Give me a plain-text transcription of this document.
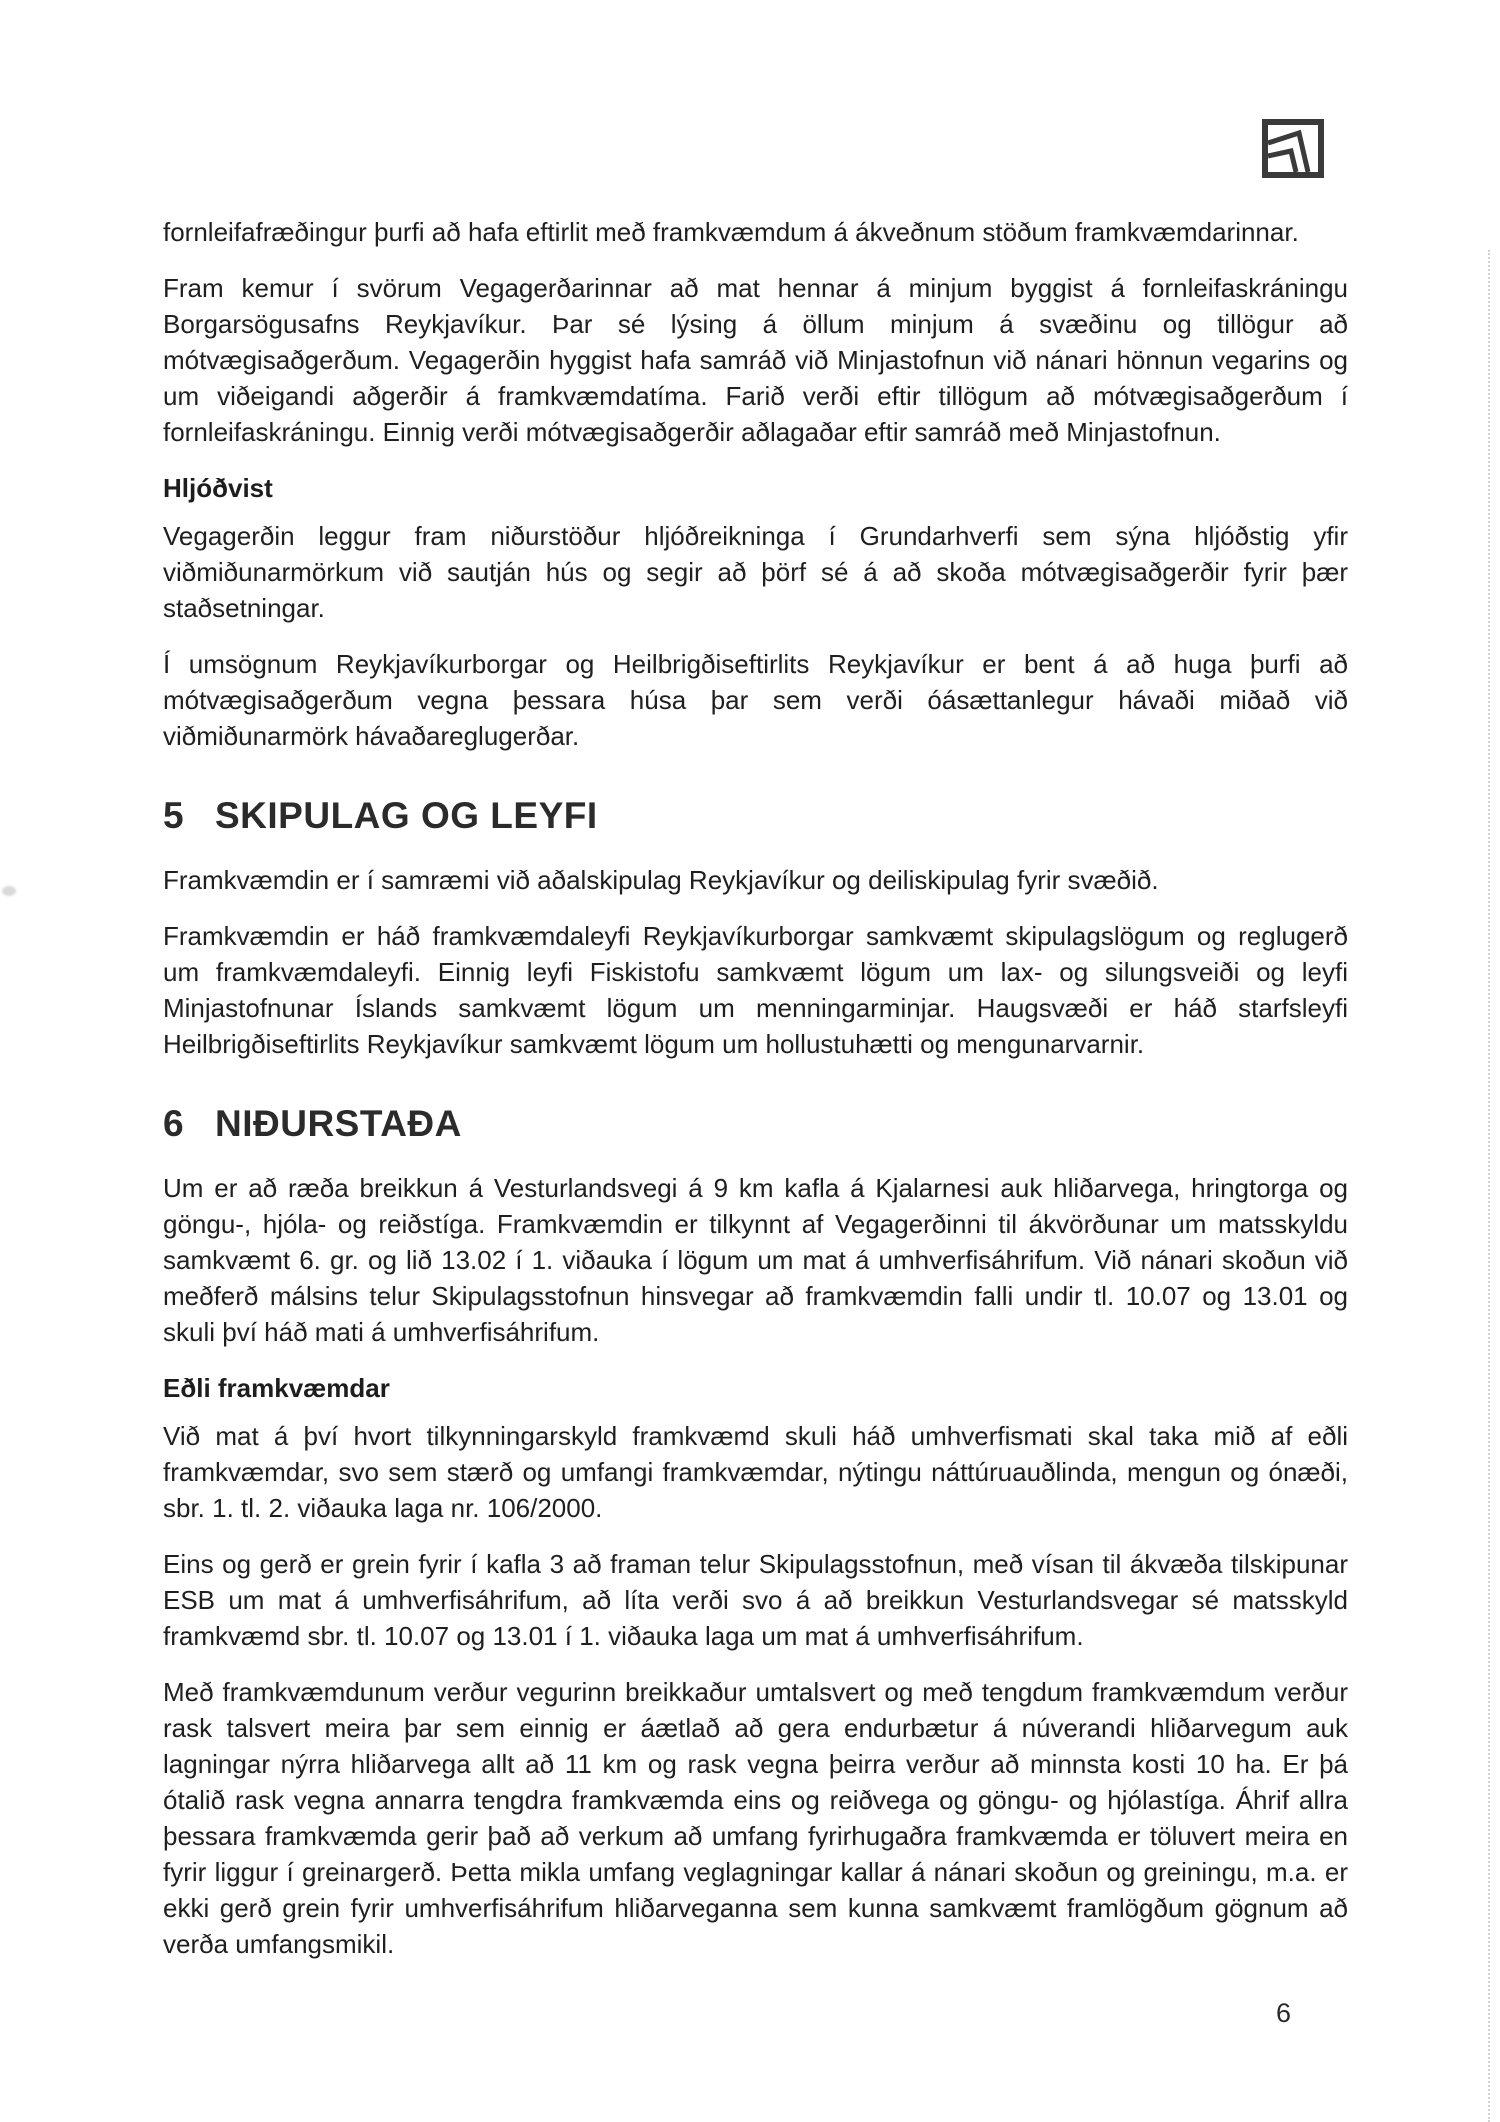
fornleifafræðingur þurfi að hafa eftirlit með framkvæmdum á ákveðnum stöðum framkvæmdarinnar.

Fram kemur í svörum Vegagerðarinnar að mat hennar á minjum byggist á fornleifaskráningu Borgarsögusafns Reykjavíkur. Þar sé lýsing á öllum minjum á svæðinu og tillögur að mótvægisaðgerðum. Vegagerðin hyggist hafa samráð við Minjastofnun við nánari hönnun vegarins og um viðeigandi aðgerðir á framkvæmdatíma. Farið verði eftir tillögum að mótvægisaðgerðum í fornleifaskráningu. Einnig verði mótvægisaðgerðir aðlagaðar eftir samráð með Minjastofnun.

Hljóðvist

Vegagerðin leggur fram niðurstöður hljóðreikninga í Grundarhverfi sem sýna hljóðstig yfir viðmiðunarmörkum við sautján hús og segir að þörf sé á að skoða mótvægisaðgerðir fyrir þær staðsetningar.

Í umsögnum Reykjavíkurborgar og Heilbrigðiseftirlits Reykjavíkur er bent á að huga þurfi að mótvægisaðgerðum vegna þessara húsa þar sem verði óásættanlegur hávaði miðað við viðmiðunarmörk hávaðareglugerðar.

5 SKIPULAG OG LEYFI

Framkvæmdin er í samræmi við aðalskipulag Reykjavíkur og deiliskipulag fyrir svæðið.

Framkvæmdin er háð framkvæmdaleyfi Reykjavíkurborgar samkvæmt skipulagslögum og reglugerð um framkvæmdaleyfi. Einnig leyfi Fiskistofu samkvæmt lögum um lax- og silungsveiði og leyfi Minjastofnunar Íslands samkvæmt lögum um menningarminjar. Haugsvæði er háð starfsleyfi Heilbrigðiseftirlits Reykjavíkur samkvæmt lögum um hollustuhætti og mengunarvarnir.

6 NIÐURSTAÐA

Um er að ræða breikkun á Vesturlandsvegi á 9 km kafla á Kjalarnesi auk hliðarvega, hringtorga og göngu-, hjóla- og reiðstíga. Framkvæmdin er tilkynnt af Vegagerðinni til ákvörðunar um matsskyldu samkvæmt 6. gr. og lið 13.02 í 1. viðauka í lögum um mat á umhverfisáhrifum. Við nánari skoðun við meðferð málsins telur Skipulagsstofnun hinsvegar að framkvæmdin falli undir tl. 10.07 og 13.01 og skuli því háð mati á umhverfisáhrifum.

Eðli framkvæmdar

Við mat á því hvort tilkynningarskyld framkvæmd skuli háð umhverfismati skal taka mið af eðli framkvæmdar, svo sem stærð og umfangi framkvæmdar, nýtingu náttúruauðlinda, mengun og ónæði, sbr. 1. tl. 2. viðauka laga nr. 106/2000.

Eins og gerð er grein fyrir í kafla 3 að framan telur Skipulagsstofnun, með vísan til ákvæða tilskipunar ESB um mat á umhverfisáhrifum, að líta verði svo á að breikkun Vesturlandsvegar sé matsskyld framkvæmd sbr. tl. 10.07 og 13.01 í 1. viðauka laga um mat á umhverfisáhrifum.

Með framkvæmdunum verður vegurinn breikkaður umtalsvert og með tengdum framkvæmdum verður rask talsvert meira þar sem einnig er áætlað að gera endurbætur á núverandi hliðarvegum auk lagningar nýrra hliðarvega allt að 11 km og rask vegna þeirra verður að minnsta kosti 10 ha. Er þá ótalið rask vegna annarra tengdra framkvæmda eins og reiðvega og göngu- og hjólastíga. Áhrif allra þessara framkvæmda gerir það að verkum að umfang fyrirhugaðra framkvæmda er töluvert meira en fyrir liggur í greinargerð. Þetta mikla umfang veglagningar kallar á nánari skoðun og greiningu, m.a. er ekki gerð grein fyrir umhverfisáhrifum hliðarveganna sem kunna samkvæmt framlögðum gögnum að verða umfangsmikil.

6
